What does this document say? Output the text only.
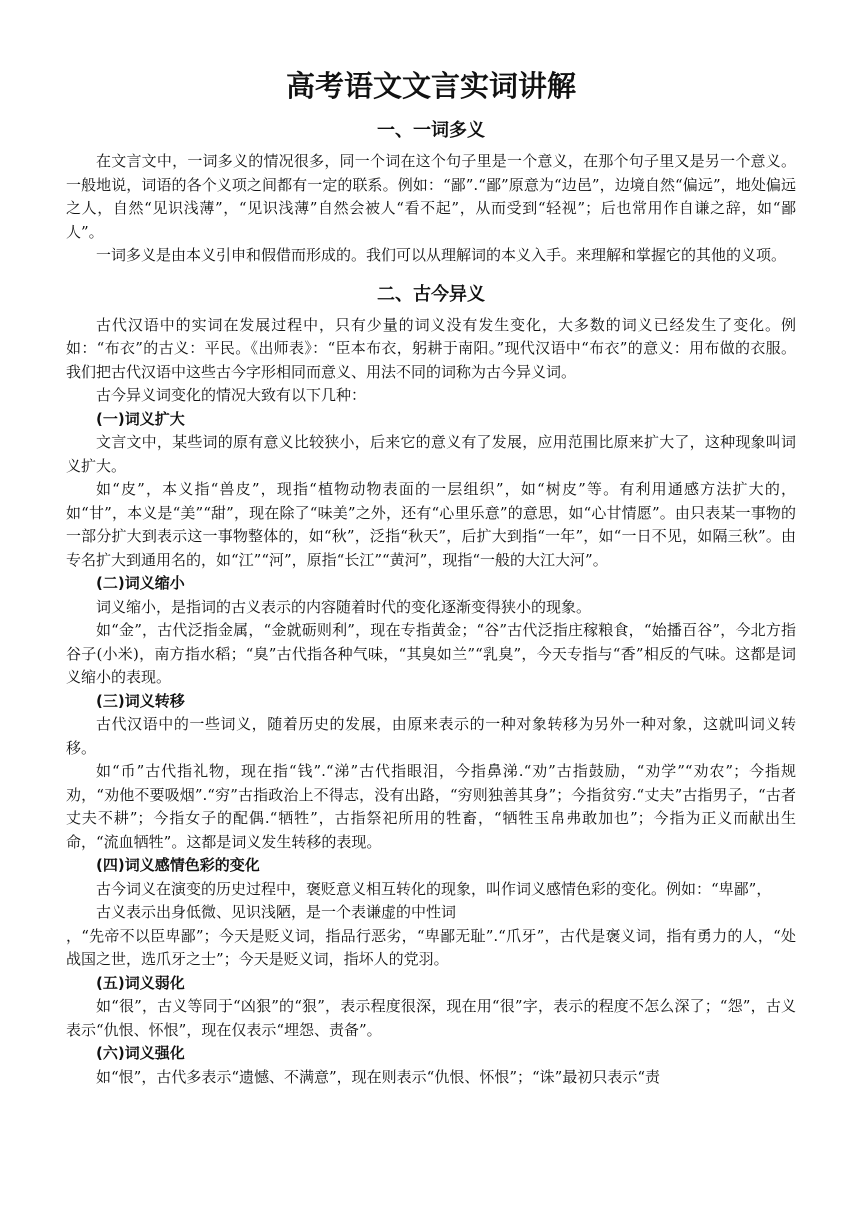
高考语文文言实词讲解
一、一词多义

在文言文中，一词多义的情况很多，同一个词在这个句子里是一个意义，在那个句子里又是另一个意义。一般地说，词语的各个义项之间都有一定的联系。例如：“鄙”.“鄙”原意为“边邑”，边境自然“偏远”，地处偏远之人，自然“见识浅薄”，“见识浅薄”自然会被人“看不起”，从而受到“轻视”；后也常用作自谦之辞，如“鄙人”。

一词多义是由本义引申和假借而形成的。我们可以从理解词的本义入手。来理解和掌握它的其他的义项。

二、古今异义

古代汉语中的实词在发展过程中，只有少量的词义没有发生变化，大多数的词义已经发生了变化。例如：“布衣”的古义：平民。《出师表》：“臣本布衣，躬耕于南阳。”现代汉语中“布衣”的意义：用布做的衣服。 我们把古代汉语中这些古今字形相同而意义、用法不同的词称为古今异义词。

古今异义词变化的情况大致有以下几种：

(一)词义扩大

文言文中，某些词的原有意义比较狭小，后来它的意义有了发展，应用范围比原来扩大了，这种现象叫词义扩大。

如“皮”，本义指“兽皮”，现指“植物动物表面的一层组织”，如“树皮”等。有利用通感方法扩大的，如“甘”，本义是“美”“甜”，现在除了“味美”之外，还有“心里乐意”的意思，如“心甘情愿”。由只表某一事物的一部分扩大到表示这一事物整体的，如“秋”，泛指“秋天”，后扩大到指“一年”，如“一日不见，如隔三秋”。由专名扩大到通用名的，如“江”“河”，原指“长江”“黄河”，现指“一般的大江大河”。

(二)词义缩小

词义缩小，是指词的古义表示的内容随着时代的变化逐渐变得狭小的现象。

如“金”，古代泛指金属，“金就砺则利”，现在专指黄金；“谷”古代泛指庄稼粮食，“始播百谷”，今北方指谷子(小米)，南方指水稻；“臭”古代指各种气味，“其臭如兰”“乳臭”，今天专指与“香”相反的气味。这都是词义缩小的表现。

(三)词义转移

古代汉语中的一些词义，随着历史的发展，由原来表示的一种对象转移为另外一种对象，这就叫词义转移。

如“币”古代指礼物，现在指“钱”.“涕”古代指眼泪，今指鼻涕.“劝”古指鼓励，“劝学”“劝农”；今指规劝，“劝他不要吸烟”.“穷”古指政治上不得志，没有出路，“穷则独善其身”；今指贫穷.“丈夫”古指男子，“古者丈夫不耕”；今指女子的配偶.“牺牲”，古指祭祀所用的牲畜，“牺牲玉帛弗敢加也”；今指为正义而献出生命，“流血牺牲”。这都是词义发生转移的表现。

(四)词义感情色彩的变化

古今词义在演变的历史过程中，褒贬意义相互转化的现象，叫作词义感情色彩的变化。例如：“卑鄙”，

古义表示出身低微、见识浅陋，是一个表谦虚的中性词

，“先帝不以臣卑鄙”；今天是贬义词，指品行恶劣，“卑鄙无耻”.“爪牙”，古代是褒义词，指有勇力的人，“处战国之世，选爪牙之士”；今天是贬义词，指坏人的党羽。

(五)词义弱化

如“很”，古义等同于“凶狠”的“狠”，表示程度很深，现在用“很”字，表示的程度不怎么深了；“怨”，古义表示“仇恨、怀恨”，现在仅表示“埋怨、责备”。

(六)词义强化

如“恨”，古代多表示“遗憾、不满意”，现在则表示“仇恨、怀恨”；“诛”最初只表示“责
